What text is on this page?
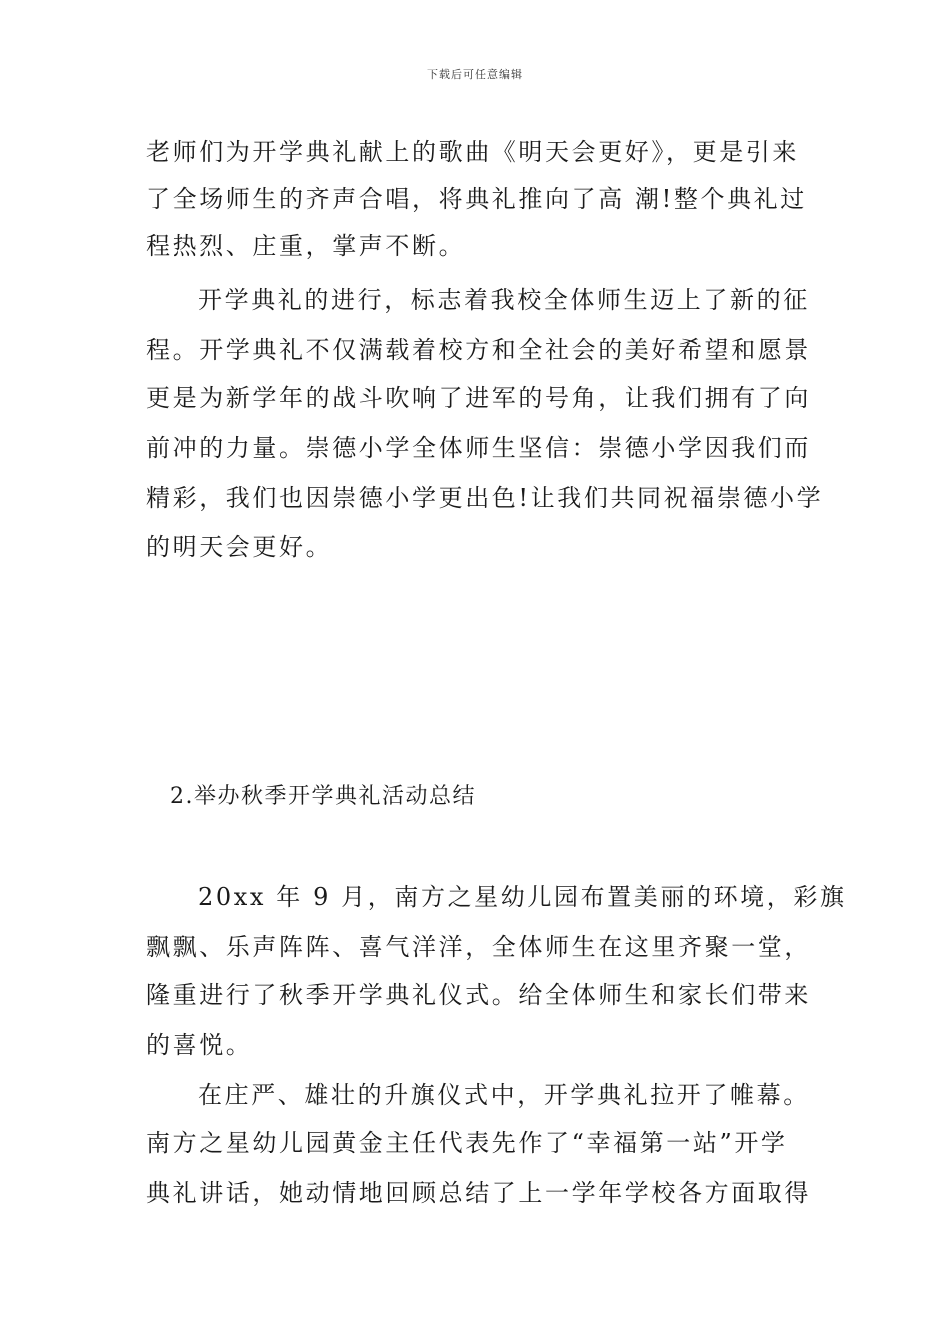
下载后可任意编辑
老师们为开学典礼献上的歌曲《明天会更好》，更是引来
了全场师生的齐声合唱，将典礼推向了高 潮!整个典礼过
程热烈、庄重，掌声不断。
开学典礼的进行，标志着我校全体师生迈上了新的征
程。开学典礼不仅满载着校方和全社会的美好希望和愿景
更是为新学年的战斗吹响了进军的号角，让我们拥有了向
前冲的力量。崇德小学全体师生坚信：崇德小学因我们而
精彩，我们也因崇德小学更出色!让我们共同祝福崇德小学
的明天会更好。
2.举办秋季开学典礼活动总结
20xx 年 9 月，南方之星幼儿园布置美丽的环境，彩旗
飘飘、乐声阵阵、喜气洋洋，全体师生在这里齐聚一堂，
隆重进行了秋季开学典礼仪式。给全体师生和家长们带来
的喜悦。
在庄严、雄壮的升旗仪式中，开学典礼拉开了帷幕。
南方之星幼儿园黄金主任代表先作了“幸福第一站”开学
典礼讲话，她动情地回顾总结了上一学年学校各方面取得
